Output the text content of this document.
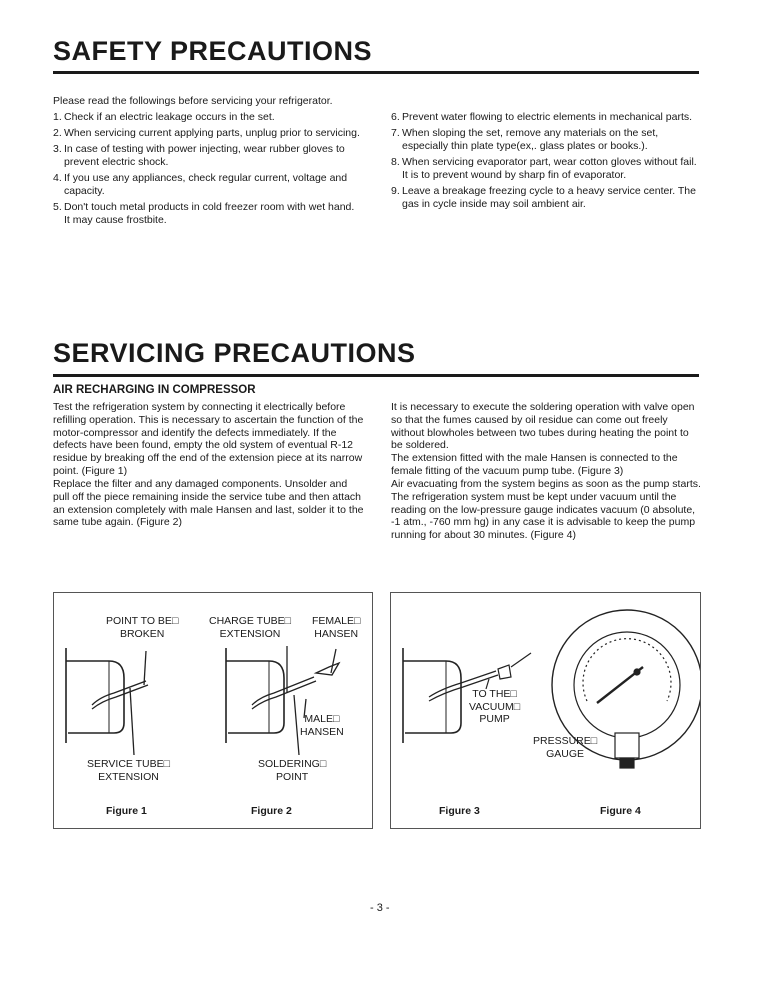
SAFETY PRECAUTIONS
Please read the followings before servicing your refrigerator.
1. Check if an electric leakage occurs in the set.
2. When servicing current applying parts, unplug prior to servicing.
3. In case of testing with power injecting, wear rubber gloves to prevent electric shock.
4. If you use any appliances, check regular current, voltage and capacity.
5. Don't touch metal products in cold freezer room with wet hand. It may cause frostbite.
6. Prevent water flowing to electric elements in mechanical parts.
7. When sloping the set, remove any materials on the set, especially thin plate type(ex,. glass plates or books.).
8. When servicing evaporator part, wear cotton gloves without fail. It is to prevent wound by sharp fin of evaporator.
9. Leave a breakage freezing cycle to a heavy service center. The gas in cycle inside may soil ambient air.
SERVICING PRECAUTIONS
AIR RECHARGING IN COMPRESSOR

Test the refrigeration system by connecting it electrically before refilling operation. This is necessary to ascertain the function of the motor-compressor and identify the defects immediately. If the defects have been found, empty the old system of eventual R-12 residue by breaking off the end of the extension piece at its narrow point. (Figure 1)

Replace the filter and any damaged components. Unsolder and pull off the piece remaining inside the service tube and then attach an extension completely with male Hansen and last, solder it to the same tube again. (Figure 2)

It is necessary to execute the soldering operation with valve open so that the fumes caused by oil residue can come out freely without blowholes between two tubes during heating the point to be soldered.

The extension fitted with the male Hansen is connected to the female fitting of the vacuum pump tube. (Figure 3)

Air evacuating from the system begins as soon as the pump starts. The refrigeration system must be kept under vacuum until the reading on the low-pressure gauge indicates vacuum (0 absolute, -1 atm., -760 mm hg) in any case it is advisable to keep the pump running for about 30 minutes. (Figure 4)

POINT TO BE□
BROKEN
CHARGE TUBE□
EXTENSION
FEMALE□
HANSEN
MALE□
HANSEN
SERVICE TUBE□
EXTENSION
SOLDERING□
POINT
Figure 1	Figure 2
TO THE□
VACUUM□
PUMP
PRESSURE□
GAUGE
Figure 3	Figure 4
- 3 -
